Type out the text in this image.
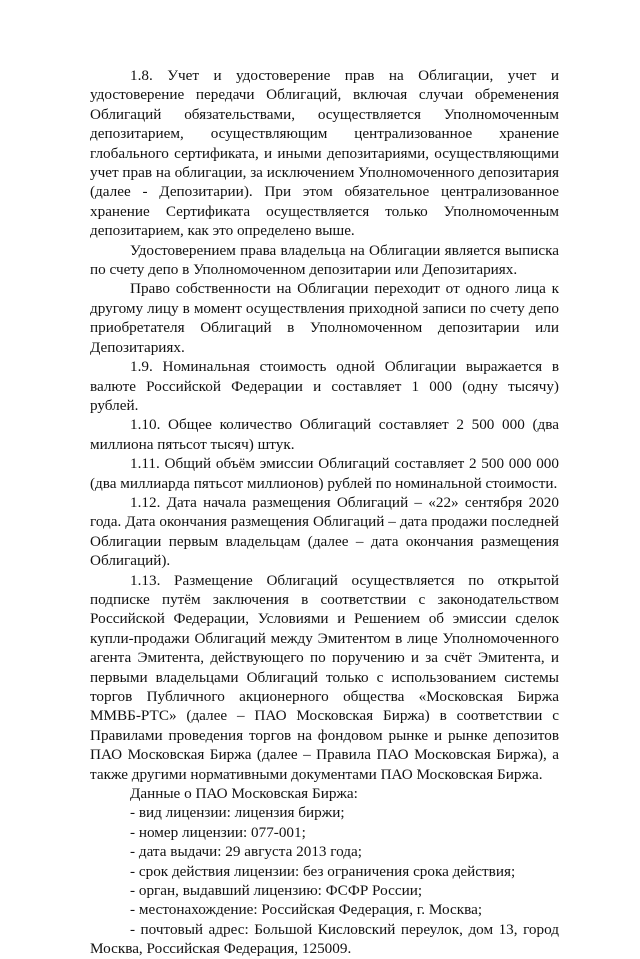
1.8. Учет и удостоверение прав на Облигации, учет и удостоверение передачи Облигаций, включая случаи обременения Облигаций обязательствами, осуществляется Уполномоченным депозитарием, осуществляющим централизованное хранение глобального сертификата, и иными депозитариями, осуществляющими учет прав на облигации, за исключением Уполномоченного депозитария (далее - Депозитарии). При этом обязательное централизованное хранение Сертификата осуществляется только Уполномоченным депозитарием, как это определено выше.

Удостоверением права владельца на Облигации является выписка по счету депо в Уполномоченном депозитарии или Депозитариях.

Право собственности на Облигации переходит от одного лица к другому лицу в момент осуществления приходной записи по счету депо приобретателя Облигаций в Уполномоченном депозитарии или Депозитариях.

1.9. Номинальная стоимость одной Облигации выражается в валюте Российской Федерации и составляет 1 000 (одну тысячу) рублей.

1.10. Общее количество Облигаций составляет 2 500 000 (два миллиона пятьсот тысяч) штук.

1.11. Общий объём эмиссии Облигаций составляет 2 500 000 000 (два миллиарда пятьсот миллионов) рублей по номинальной стоимости.

1.12. Дата начала размещения Облигаций – «22» сентября 2020 года. Дата окончания размещения Облигаций – дата продажи последней Облигации первым владельцам (далее – дата окончания размещения Облигаций).

1.13. Размещение Облигаций осуществляется по открытой подписке путём заключения в соответствии с законодательством Российской Федерации, Условиями и Решением об эмиссии сделок купли-продажи Облигаций между Эмитентом в лице Уполномоченного агента Эмитента, действующего по поручению и за счёт Эмитента, и первыми владельцами Облигаций только с использованием системы торгов Публичного акционерного общества «Московская Биржа ММВБ-РТС» (далее – ПАО Московская Биржа) в соответствии с Правилами проведения торгов на фондовом рынке и рынке депозитов ПАО Московская Биржа (далее – Правила ПАО Московская Биржа), а также другими нормативными документами ПАО Московская Биржа.

Данные о ПАО Московская Биржа:

- вид лицензии: лицензия биржи;

- номер лицензии: 077-001;

- дата выдачи: 29 августа 2013 года;

- срок действия лицензии: без ограничения срока действия;

- орган, выдавший лицензию: ФСФР России;

- местонахождение: Российская Федерация, г. Москва;

- почтовый адрес: Большой Кисловский переулок, дом 13, город Москва, Российская Федерация, 125009.
